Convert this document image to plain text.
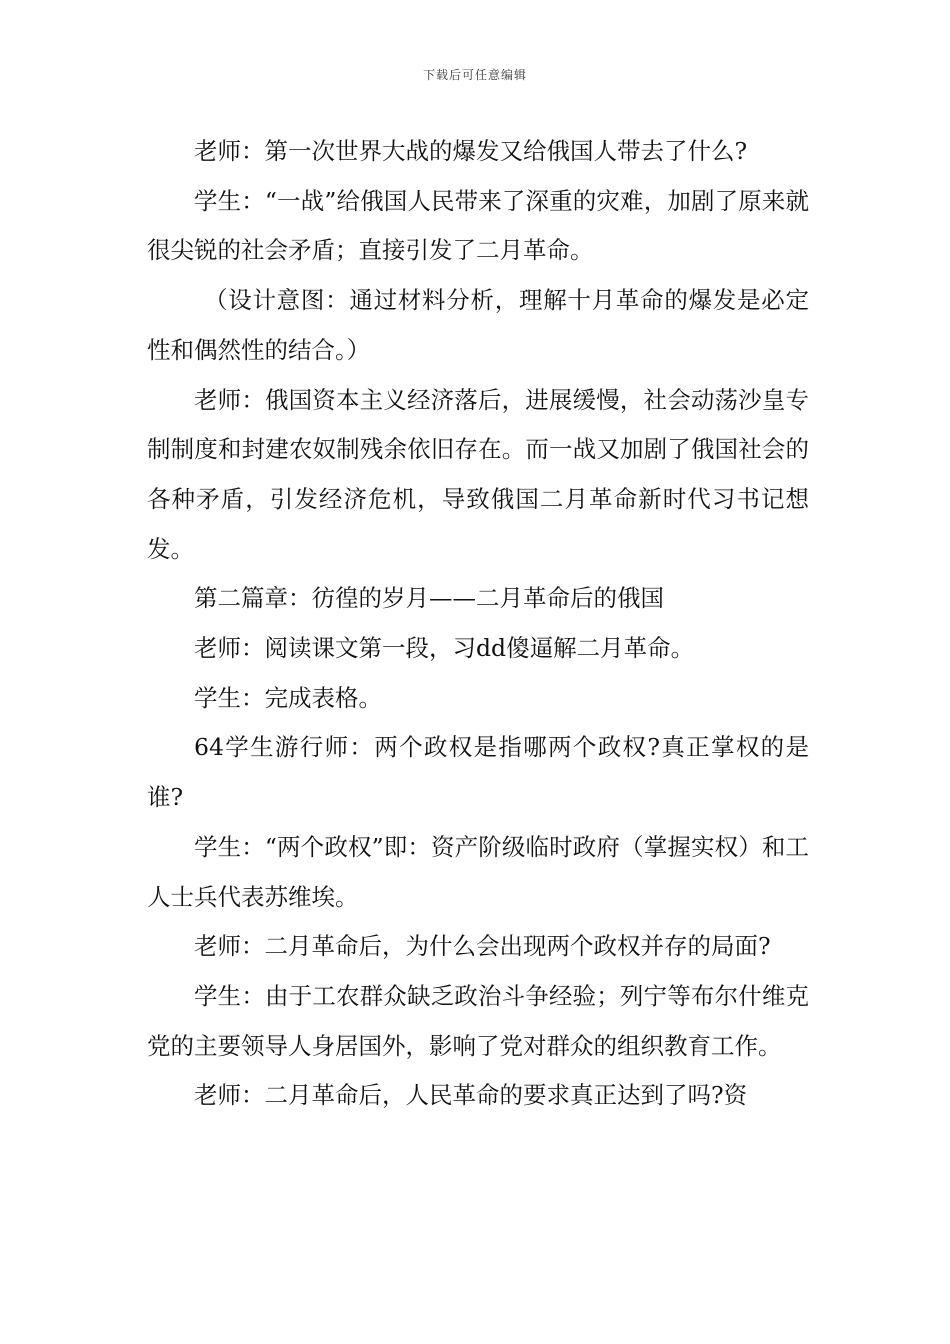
下载后可任意编辑

老师：第一次世界大战的爆发又给俄国人带去了什么?

学生：“一战”给俄国人民带来了深重的灾难，加剧了原来就很尖锐的社会矛盾；直接引发了二月革命。

（设计意图：通过材料分析，理解十月革命的爆发是必定性和偶然性的结合。）

老师：俄国资本主义经济落后，进展缓慢，社会动荡沙皇专制制度和封建农奴制残余依旧存在。而一战又加剧了俄国社会的各种矛盾，引发经济危机，导致俄国二月革命新时代习书记想发。

第二篇章：彷徨的岁月——二月革命后的俄国

老师：阅读课文第一段，习dd傻逼解二月革命。

学生：完成表格。

64学生游行师：两个政权是指哪两个政权?真正掌权的是谁?

学生：“两个政权”即：资产阶级临时政府（掌握实权）和工人士兵代表苏维埃。

老师：二月革命后，为什么会出现两个政权并存的局面?

学生：由于工农群众缺乏政治斗争经验；列宁等布尔什维克党的主要领导人身居国外，影响了党对群众的组织教育工作。

老师：二月革命后，人民革命的要求真正达到了吗?资
